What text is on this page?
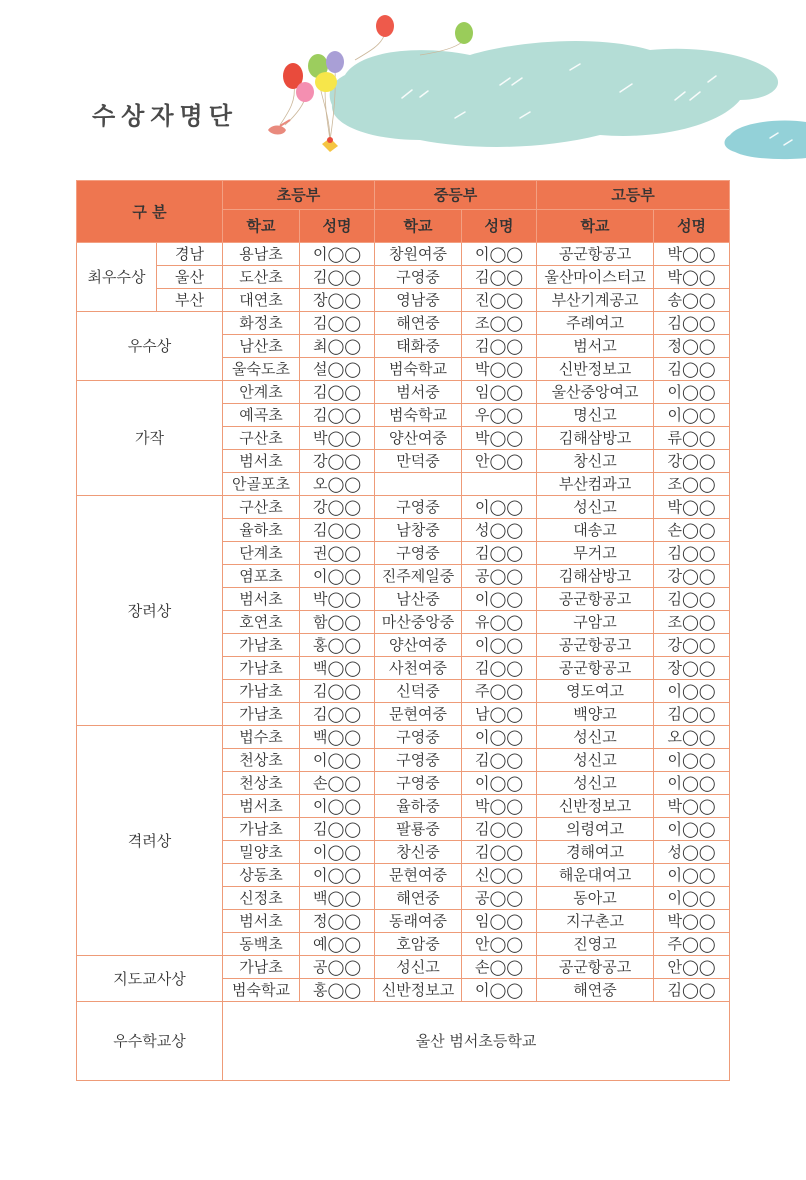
수상자명단
구 분		초등부		중등부		고등부	
		학교	성명	학교	성명	학교	성명
최우수상	경남	용남초	이◯◯	창원여중	이◯◯	공군항공고	박◯◯
	울산	도산초	김◯◯	구영중	김◯◯	울산마이스터고	박◯◯
	부산	대연초	장◯◯	영남중	진◯◯	부산기계공고	송◯◯
우수상		화정초	김◯◯	해연중	조◯◯	주례여고	김◯◯
		남산초	최◯◯	태화중	김◯◯	범서고	정◯◯
		울숙도초	설◯◯	범숙학교	박◯◯	신반정보고	김◯◯
가작		안계초	김◯◯	범서중	임◯◯	울산중앙여고	이◯◯
		예곡초	김◯◯	범숙학교	우◯◯	명신고	이◯◯
		구산초	박◯◯	양산여중	박◯◯	김해삼방고	류◯◯
		범서초	강◯◯	만덕중	안◯◯	창신고	강◯◯
		안골포초	오◯◯			부산컴과고	조◯◯
장려상		구산초	강◯◯	구영중	이◯◯	성신고	박◯◯
		율하초	김◯◯	남창중	성◯◯	대송고	손◯◯
		단계초	권◯◯	구영중	김◯◯	무거고	김◯◯
		염포초	이◯◯	진주제일중	공◯◯	김해삼방고	강◯◯
		범서초	박◯◯	남산중	이◯◯	공군항공고	김◯◯
		호연초	함◯◯	마산중앙중	유◯◯	구암고	조◯◯
		가남초	홍◯◯	양산여중	이◯◯	공군항공고	강◯◯
		가남초	백◯◯	사천여중	김◯◯	공군항공고	장◯◯
		가남초	김◯◯	신덕중	주◯◯	영도여고	이◯◯
		가남초	김◯◯	문현여중	남◯◯	백양고	김◯◯
격려상		법수초	백◯◯	구영중	이◯◯	성신고	오◯◯
		천상초	이◯◯	구영중	김◯◯	성신고	이◯◯
		천상초	손◯◯	구영중	이◯◯	성신고	이◯◯
		범서초	이◯◯	율하중	박◯◯	신반정보고	박◯◯
		가남초	김◯◯	팔룡중	김◯◯	의령여고	이◯◯
		밀양초	이◯◯	창신중	김◯◯	경해여고	성◯◯
		상동초	이◯◯	문현여중	신◯◯	해운대여고	이◯◯
		신정초	백◯◯	해연중	공◯◯	동아고	이◯◯
		범서초	정◯◯	동래여중	임◯◯	지구촌고	박◯◯
		동백초	예◯◯	호암중	안◯◯	진영고	주◯◯
지도교사상		가남초	공◯◯	성신고	손◯◯	공군항공고	안◯◯
		범숙학교	홍◯◯	신반정보고	이◯◯	해연중	김◯◯
우수학교상		울산 범서초등학교					
